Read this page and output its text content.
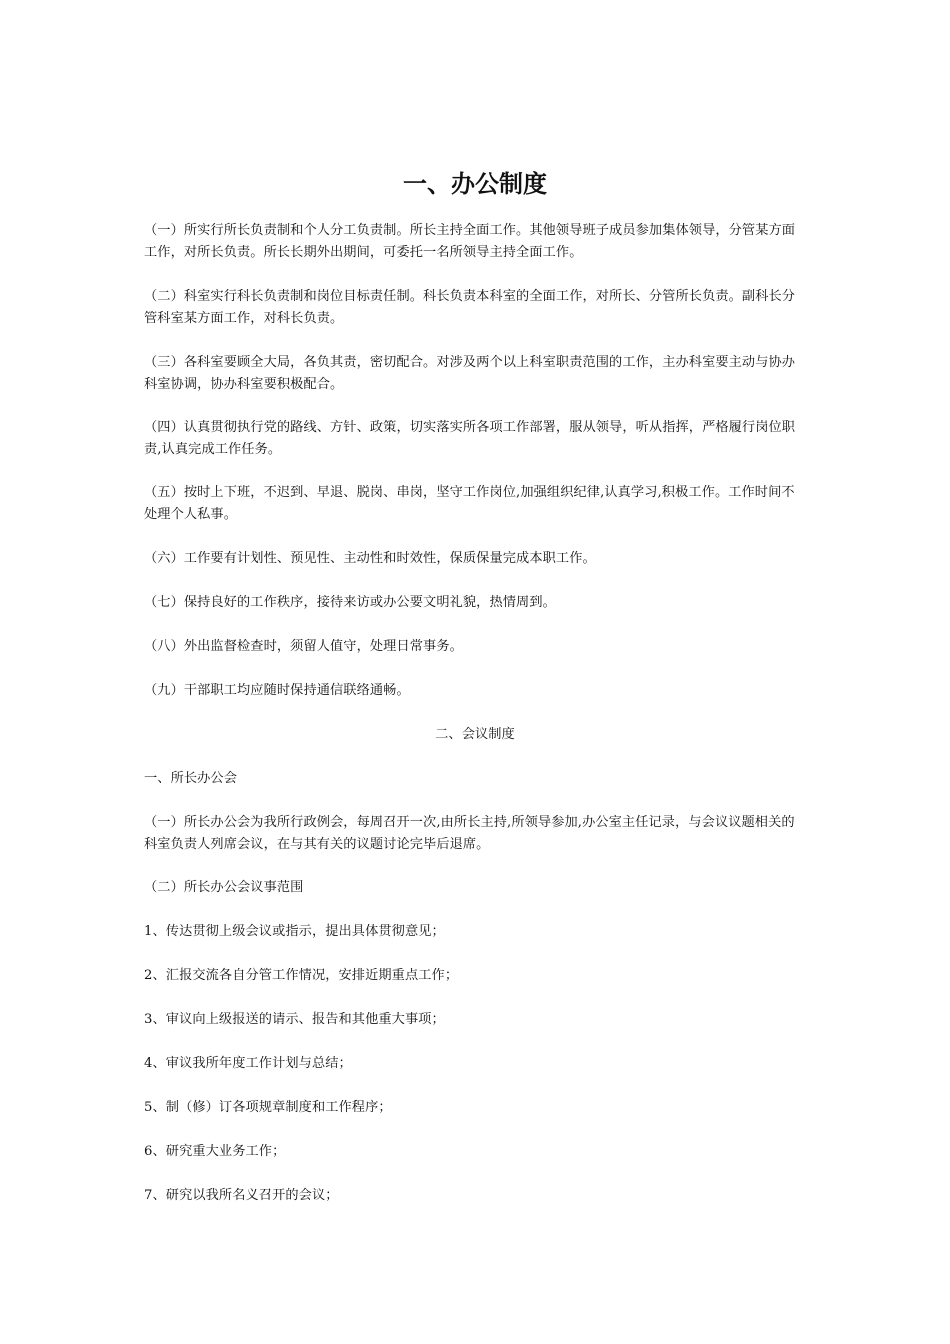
一、办公制度

（一）所实行所长负责制和个人分工负责制。所长主持全面工作。其他领导班子成员参加集体领导，分管某方面工作，对所长负责。所长长期外出期间，可委托一名所领导主持全面工作。

（二）科室实行科长负责制和岗位目标责任制。科长负责本科室的全面工作，对所长、分管所长负责。副科长分管科室某方面工作，对科长负责。

（三）各科室要顾全大局，各负其责，密切配合。对涉及两个以上科室职责范围的工作，主办科室要主动与协办科室协调，协办科室要积极配合。

（四）认真贯彻执行党的路线、方针、政策，切实落实所各项工作部署，服从领导，听从指挥，严格履行岗位职责,认真完成工作任务。

（五）按时上下班，不迟到、早退、脱岗、串岗，坚守工作岗位,加强组织纪律,认真学习,积极工作。工作时间不处理个人私事。

（六）工作要有计划性、预见性、主动性和时效性，保质保量完成本职工作。

（七）保持良好的工作秩序，接待来访或办公要文明礼貌，热情周到。

（八）外出监督检查时，须留人值守，处理日常事务。

（九）干部职工均应随时保持通信联络通畅。

二、会议制度

一、所长办公会

（一）所长办公会为我所行政例会，每周召开一次,由所长主持,所领导参加,办公室主任记录，与会议议题相关的科室负责人列席会议，在与其有关的议题讨论完毕后退席。

（二）所长办公会议事范围

1、传达贯彻上级会议或指示，提出具体贯彻意见；

2、汇报交流各自分管工作情况，安排近期重点工作；

3、审议向上级报送的请示、报告和其他重大事项；

4、审议我所年度工作计划与总结；

5、制（修）订各项规章制度和工作程序；

6、研究重大业务工作；

7、研究以我所名义召开的会议；
